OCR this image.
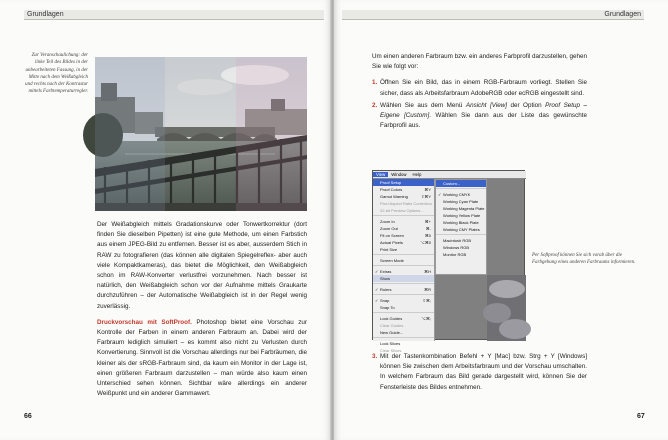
Grundlagen
Zur Veranschaulichung: der linke Teil des Bildes in der unbearbeiteten Fassung, in der Mitte nach dem Weißabgleich und rechts nach der Kontrastur mittels Farbtemperaturregler.

Der Weißabgleich mittels Gradationskurve oder Tonwertkorrektur (dort finden Sie dieselben Pipetten) ist eine gute Methode, um einen Farbstich aus einem JPEG-Bild zu entfernen. Besser ist es aber, ausserdem Stich in RAW zu fotografieren (das können alle digitalen Spiegelreflex- aber auch viele Kompaktkameras), das bietet die Möglichkeit, den Weißabgleich schon im RAW-Konverter verlustfrei vorzunehmen. Nach besser ist natürlich, den Weißabgleich schon vor der Aufnahme mittels Graukarte durchzuführen – der Automatische Weißabgleich ist in der Regel wenig zuverlässig.

Druckvorschau mit SoftProof. Photoshop bietet eine Vorschau zur Kontrolle der Farben in einem anderen Farbraum an. Dabei wird der Farbraum lediglich simuliert – es kommt also nicht zu Verlusten durch Konvertierung. Sinnvoll ist die Vorschau allerdings nur bei Farbräumen, die kleiner als der sRGB-Farbraum sind, da kaum ein Monitor in der Lage ist, einen größeren Farbraum darzustellen – man würde also kaum einen Unterschied sehen können. Sichtbar wäre allerdings ein anderer Weißpunkt und ein anderer Gammawert.

66
Grundlagen

Um einen anderen Farbraum bzw. ein anderes Farbprofil darzustellen, gehen Sie wie folgt vor:

1. Öffnen Sie ein Bild, das in einem RGB-Farbraum vorliegt. Stellen Sie sicher, dass als Arbeitsfarbraum AdobeRGB oder ecRGB eingestellt sind.
2. Wählen Sie aus dem Menü Ansicht [View] der Option Proof Setup – Eigene [Custom]. Wählen Sie dann aus der Liste das gewünschte Farbprofil aus.
Per Softproof können Sie sich vorab über die Farbgebung eines anderen Farbraums informieren.
View Window Help
Proof Setup
Proof Colors	⌘Y
Gamut Warning	⇧⌘Y
Pixel Aspect Ratio Correction
32-bit Preview Options...
Zoom In	⌘+
Zoom Out	⌘-
Fit on Screen	⌘0
Actual Pixels	⌥⌘0
Print Size
Screen Mode
✓ Extras	⌘H
Show
✓ Rulers	⌘R
✓ Snap	⇧⌘;
Snap To
Lock Guides	⌥⌘;
Clear Guides
New Guide...
Lock Slices
Clear Slices
Custom...
✓ Working CMYK
Working Cyan Plate
Working Magenta Plate
Working Yellow Plate
Working Black Plate
Working CMY Plates
Macintosh RGB
Windows RGB
Monitor RGB
3. Mit der Tastenkombination Befehl + Y [Mac] bzw. Strg + Y [Windows] können Sie zwischen dem Arbeitsfarbraum und der Vorschau umschalten. In welchem Farbraum das Bild gerade dargestellt wird, können Sie der Fensterleiste des Bildes entnehmen.
67
